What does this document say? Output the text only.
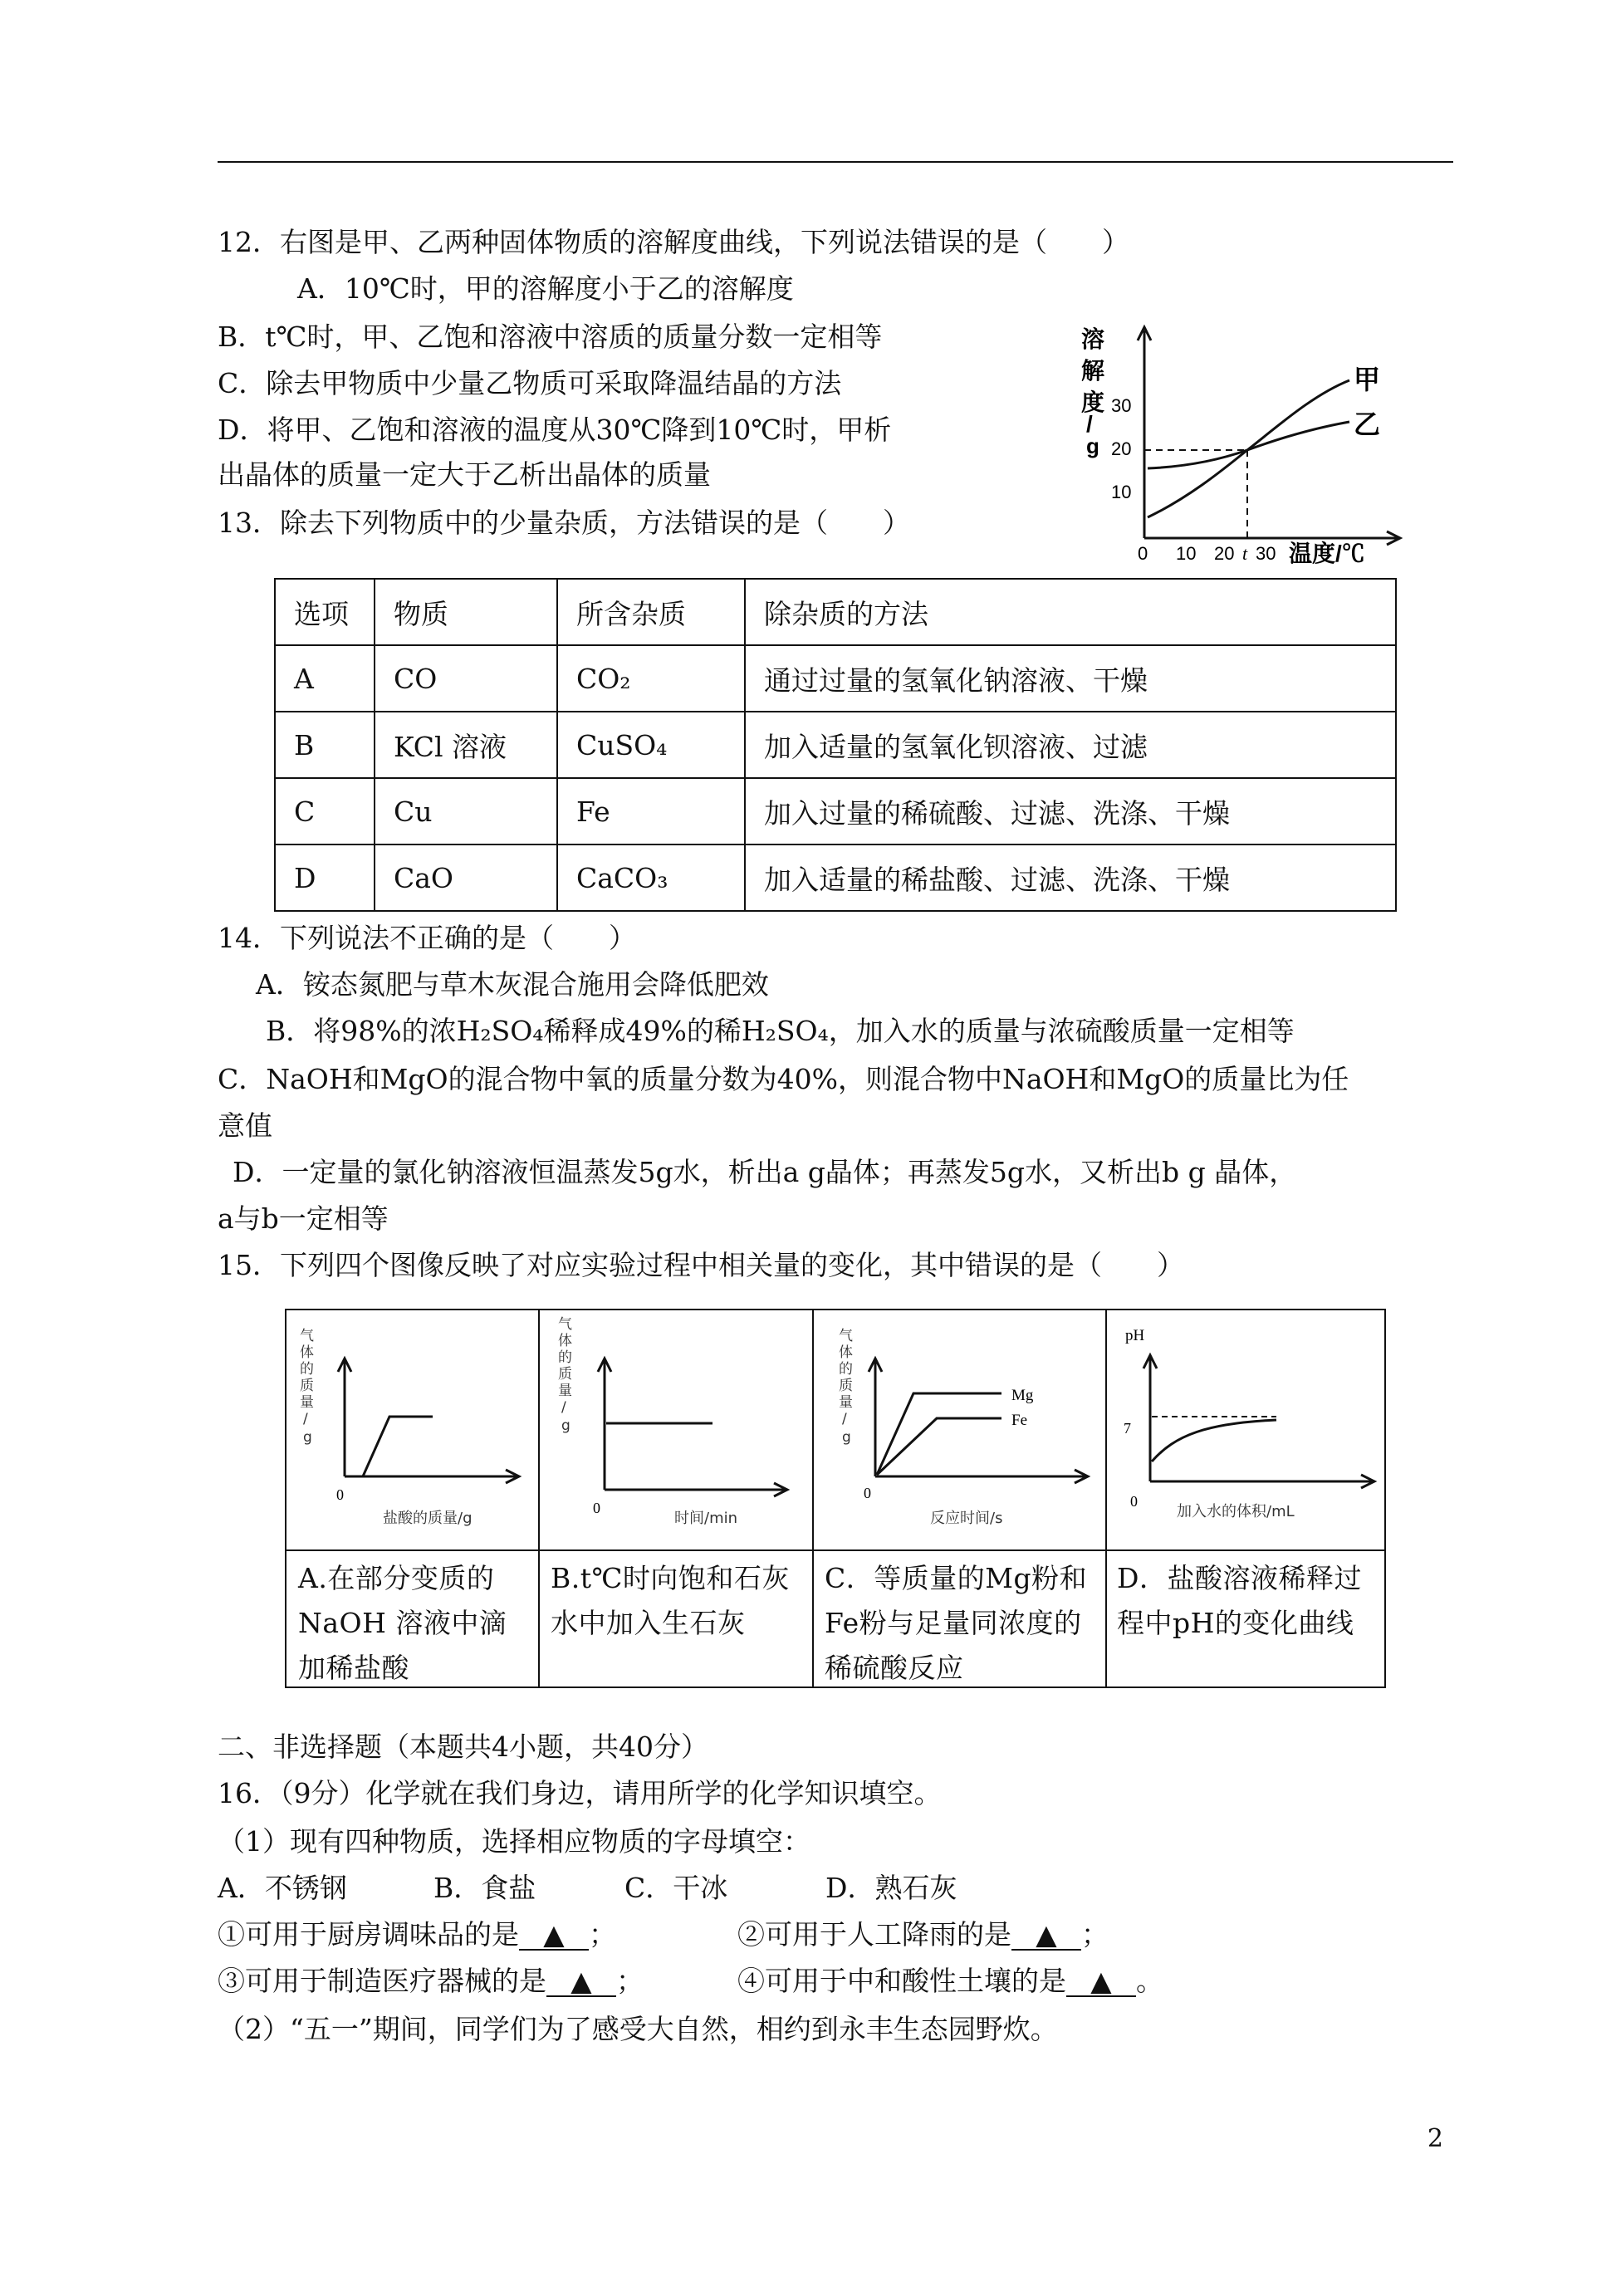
12．右图是甲、乙两种固体物质的溶解度曲线，下列说法错误的是（　　）
A．10℃时，甲的溶解度小于乙的溶解度
B．t℃时，甲、乙饱和溶液中溶质的质量分数一定相等
C．除去甲物质中少量乙物质可采取降温结晶的方法
D．将甲、乙饱和溶液的温度从30℃降到10℃时，甲析
出晶体的质量一定大于乙析出晶体的质量
溶
解
度
/
g
30
20
10
0 10 20 t 30 温度/℃
甲
乙
13．除去下列物质中的少量杂质，方法错误的是（　　）
选项	物质	所含杂质	除杂质的方法
A	CO	CO₂	通过过量的氢氧化钠溶液、干燥
B	KCl 溶液	CuSO₄	加入适量的氢氧化钡溶液、过滤
C	Cu	Fe	加入过量的稀硫酸、过滤、洗涤、干燥
D	CaO	CaCO₃	加入适量的稀盐酸、过滤、洗涤、干燥
14．下列说法不正确的是（　　）
A．铵态氮肥与草木灰混合施用会降低肥效
B．将98%的浓H₂SO₄稀释成49%的稀H₂SO₄，加入水的质量与浓硫酸质量一定相等
C．NaOH和MgO的混合物中氧的质量分数为40%，则混合物中NaOH和MgO的质量比为任
意值
D．一定量的氯化钠溶液恒温蒸发5g水，析出a g晶体；再蒸发5g水，又析出b g 晶体，
a与b一定相等
15．下列四个图像反映了对应实验过程中相关量的变化，其中错误的是（　　）
气
体
的
质
量
/
g
0
盐酸的质量/g
气
体
的
质
量
/
g
0
时间/min
气
体
的
质
量
/
g
Mg
Fe
0
反应时间/s
pH
7
0
加入水的体积/mL
A.在部分变质的NaOH 溶液中滴加稀盐酸
B.t℃时向饱和石灰水中加入生石灰
C．等质量的Mg粉和Fe粉与足量同浓度的稀硫酸反应
D．盐酸溶液稀释过程中pH的变化曲线
二、非选择题（本题共4小题，共40分）
16．（9分）化学就在我们身边，请用所学的化学知识填空。
（1）现有四种物质，选择相应物质的字母填空：
A．不锈钢	B．食盐	C．干冰	D．熟石灰
①可用于厨房调味品的是 ▲ ；	②可用于人工降雨的是 ▲ ；
③可用于制造医疗器械的是 ▲ ；	④可用于中和酸性土壤的是 ▲ 。
（2）“五一”期间，同学们为了感受大自然，相约到永丰生态园野炊。
2
